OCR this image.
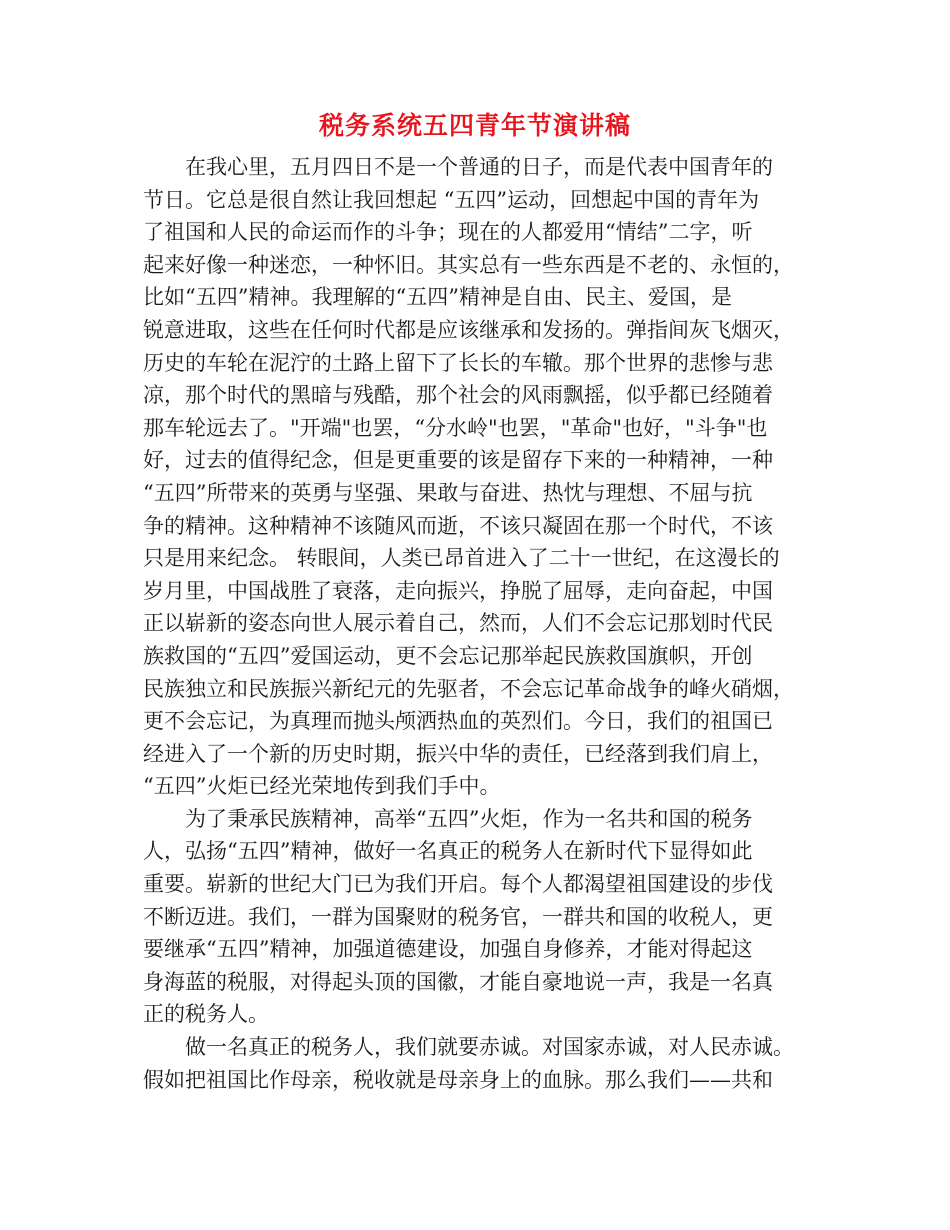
税务系统五四青年节演讲稿
　　在我心里，五月四日不是一个普通的日子，而是代表中国青年的
节日。它总是很自然让我回想起 “五四”运动，回想起中国的青年为
了祖国和人民的命运而作的斗争；现在的人都爱用“情结”二字，听
起来好像一种迷恋，一种怀旧。其实总有一些东西是不老的、永恒的，
比如“五四”精神。我理解的“五四”精神是自由、民主、爱国，是
锐意进取，这些在任何时代都是应该继承和发扬的。弹指间灰飞烟灭，
历史的车轮在泥泞的土路上留下了长长的车辙。那个世界的悲惨与悲
凉，那个时代的黑暗与残酷，那个社会的风雨飘摇，似乎都已经随着
那车轮远去了。"开端"也罢，“分水岭"也罢，"革命"也好，"斗争"也
好，过去的值得纪念，但是更重要的该是留存下来的一种精神，一种
“五四”所带来的英勇与坚强、果敢与奋进、热忱与理想、不屈与抗
争的精神。这种精神不该随风而逝，不该只凝固在那一个时代，不该
只是用来纪念。 转眼间，人类已昂首进入了二十一世纪，在这漫长的
岁月里，中国战胜了衰落，走向振兴，挣脱了屈辱，走向奋起，中国
正以崭新的姿态向世人展示着自己，然而，人们不会忘记那划时代民
族救国的“五四”爱国运动，更不会忘记那举起民族救国旗帜，开创
民族独立和民族振兴新纪元的先驱者，不会忘记革命战争的峰火硝烟，
更不会忘记，为真理而抛头颅洒热血的英烈们。今日，我们的祖国已
经进入了一个新的历史时期，振兴中华的责任，已经落到我们肩上，
“五四”火炬已经光荣地传到我们手中。
　　为了秉承民族精神，高举“五四”火炬，作为一名共和国的税务
人，弘扬“五四”精神，做好一名真正的税务人在新时代下显得如此
重要。崭新的世纪大门已为我们开启。每个人都渴望祖国建设的步伐
不断迈进。我们，一群为国聚财的税务官，一群共和国的收税人，更
要继承“五四”精神，加强道德建设，加强自身修养，才能对得起这
身海蓝的税服，对得起头顶的国徽，才能自豪地说一声，我是一名真
正的税务人。
　　做一名真正的税务人，我们就要赤诚。对国家赤诚，对人民赤诚。
假如把祖国比作母亲，税收就是母亲身上的血脉。那么我们——共和
